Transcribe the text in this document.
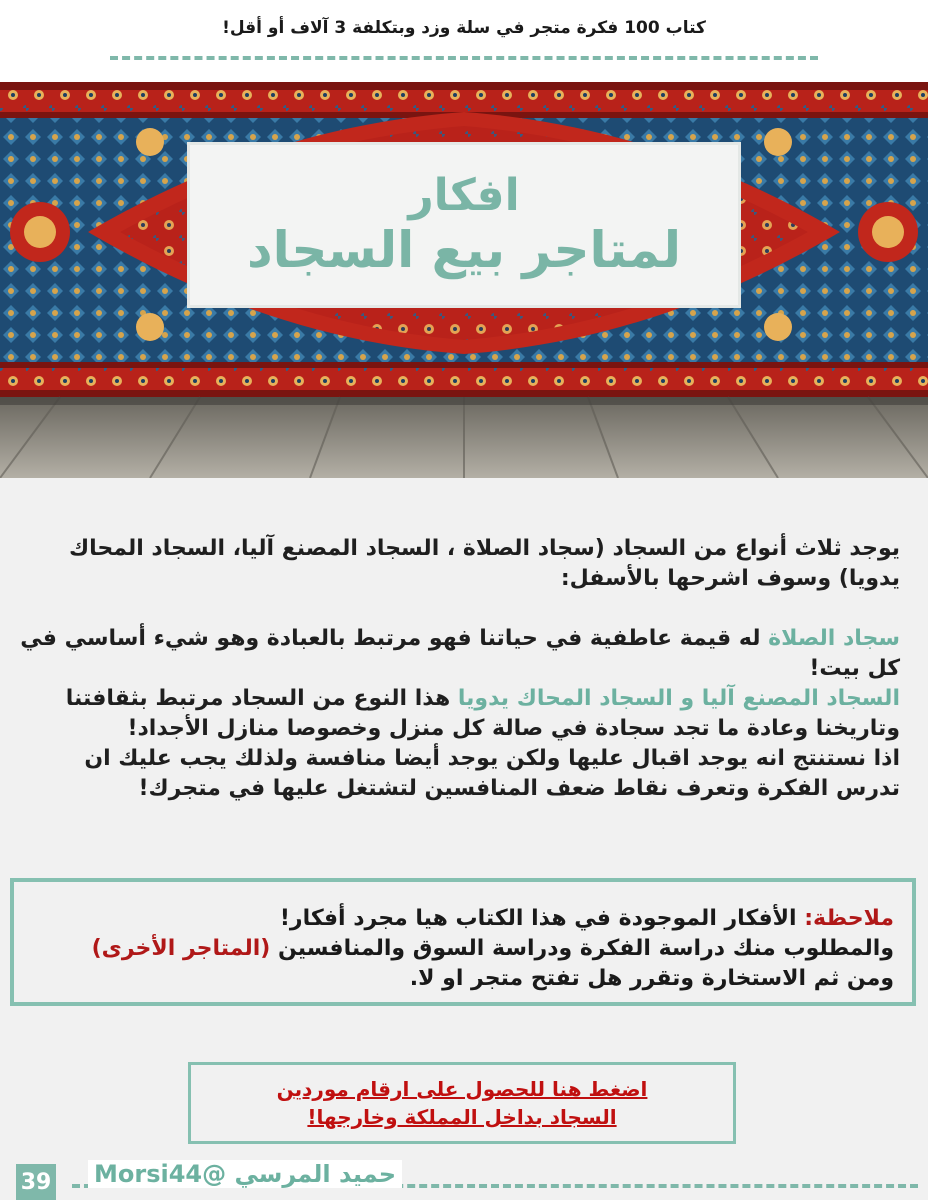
كتاب 100 فكرة متجر في سلة وزد وبتكلفة 3 آلاف أو أقل!
افكار
لمتاجر بيع السجاد

يوجد ثلاث أنواع من السجاد (سجاد الصلاة ، السجاد المصنع آليا، السجاد المحاك يدويا) وسوف اشرحها بالأسفل:

سجاد الصلاة له قيمة عاطفية في حياتنا فهو مرتبط بالعبادة وهو شيء أساسي في كل بيت!

السجاد المصنع آليا و السجاد المحاك يدويا هذا النوع من السجاد مرتبط بثقافتنا وتاريخنا وعادة ما تجد سجادة في صالة كل منزل وخصوصا منازل الأجداد!

اذا نستنتج انه يوجد اقبال عليها ولكن يوجد أيضا منافسة ولذلك يجب عليك ان تدرس الفكرة وتعرف نقاط ضعف المنافسين لتشتغل عليها في متجرك!

ملاحظة: الأفكار الموجودة في هذا الكتاب هيا مجرد أفكار!

والمطلوب منك دراسة الفكرة ودراسة السوق والمنافسين (المتاجر الأخرى)

ومن ثم الاستخارة وتقرر هل تفتح متجر او لا.

اضغط هنا للحصول على ارقام موردين
السجاد بداخل المملكة وخارجها!
39 حميد المرسي @Morsi44
